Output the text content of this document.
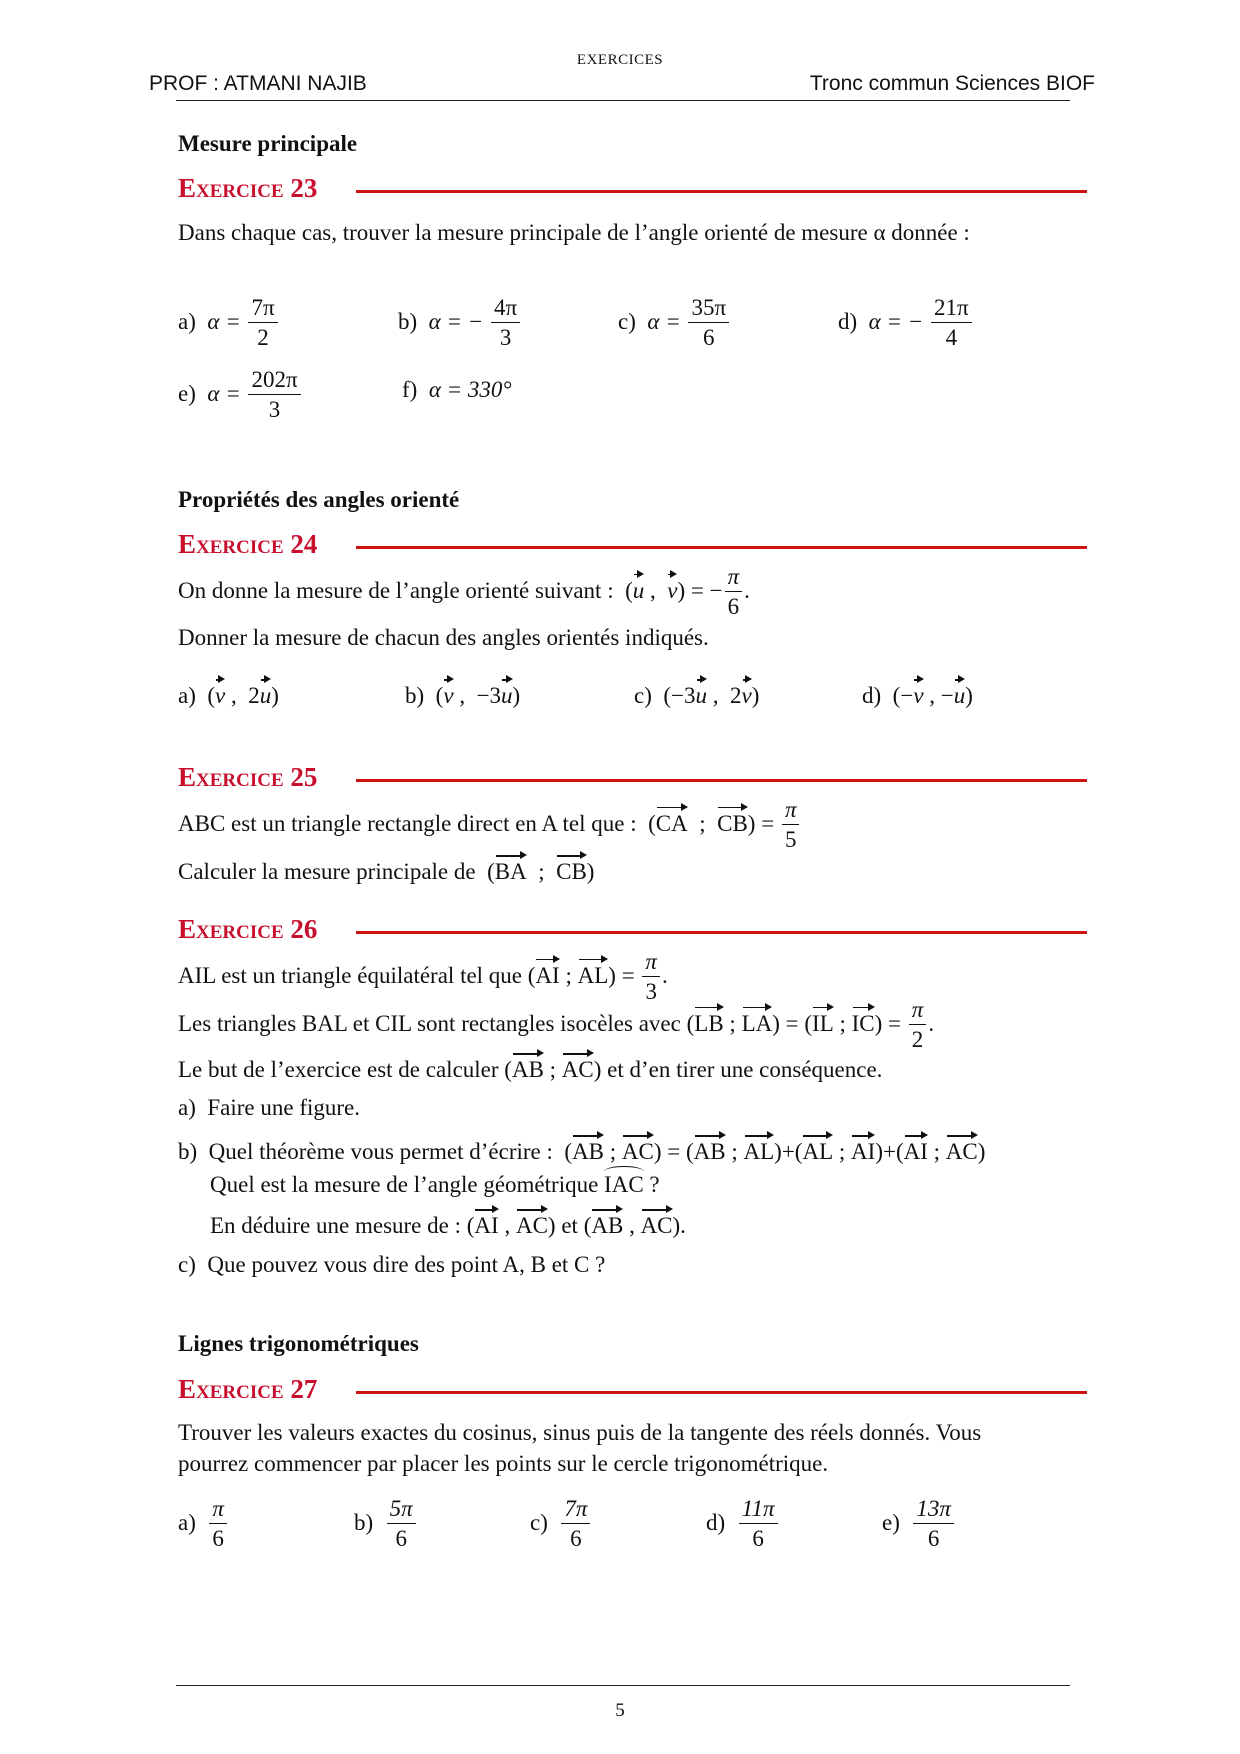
EXERCICES
PROF : ATMANI NAJIB	Tronc commun Sciences BIOF
Mesure principale
Exercice 23
Dans chaque cas, trouver la mesure principale de l’angle orienté de mesure α donnée :
a) $\alpha = \frac{7\pi}{2}$	b) α = − $\frac{4\pi}{3}$	c) $\alpha = \frac{35\pi}{6}$	d) α = − $\frac{21\pi}{4}$
e) $\alpha = \frac{202\pi}{3}$	f) α = 330°
Propriétés des angles orienté
Exercice 24
On donne la mesure de l’angle orienté suivant :  (u ,  v) = − $\frac{\pi}{6}$ .
Donner la mesure de chacun des angles orientés indiqués.
a)  (v ,  2u)	b)  (v ,  −3u)	c)  (−3u ,  2v)	d)  (−v , −u)
Exercice 25
ABC est un triangle rectangle direct en A tel que :  (CA  ;  $CB) = \frac{\pi}{5}$
Calculer la mesure principale de  (BA  ;  CB)
Exercice 26
AIL est un triangle équilatéral tel que (AI ; $AL) = \frac{\pi}{3}$ .
Les triangles BAL et CIL sont rectangles isocèles avec (LB ; LA) = (IL ; $IC) = \frac{\pi}{2}$ .
Le but de l’exercice est de calculer (AB ; AC) et d’en tirer une conséquence.
a) Faire une figure.
b) Quel théorème vous permet d’écrire :  (AB ; AC) = (AB ; AL)+(AL ; AI)+(AI ; AC)
Quel est la mesure de l’angle géométrique IAC ?
En déduire une mesure de : (AI , AC) et (AB , AC).
c) Que pouvez vous dire des point A, B et C ?
Lignes trigonométriques
Exercice 27
Trouver les valeurs exactes du cosinus, sinus puis de la tangente des réels donnés. Vous
pourrez commencer par placer les points sur le cercle trigonométrique.
$a) \frac{\pi}{6}$	$b) \frac{5\pi}{6}$	$c) \frac{7\pi}{6}$	$d) \frac{11\pi}{6}$	$e) \frac{13\pi}{6}$
5
